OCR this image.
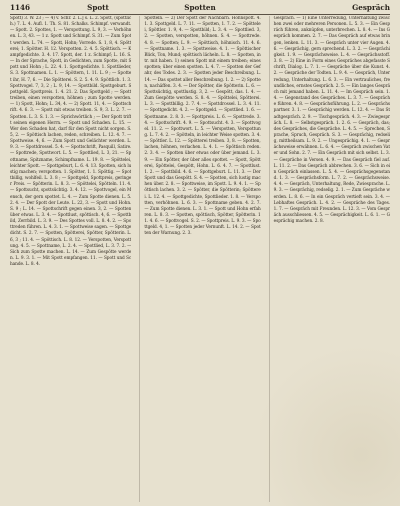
1146	Spott	Spotten	Gespräch

Spott) 3. W. 23 ; — 4) v. Schr. 2. L.] s. L. 2. Spott, (spottlich.) 7. L. 4. Aufl. 1. Th. S. 81. Schalks. Schimpf. verwandt. — Spott. 2. Spottes, 1. — Verspottung. L. 9, 3. — Verhöhnen. L. 3, 43. — 1 z. Spott und Schimpf. S. 31. — Zum Spott werden. L. 74. — Spott, Hohn; Vorrede. S. 1, 8, 4. Spötterei; 1. Spötter. H. 12. Verspotten. 2. 4. 5. Spöttisch. — Kampfgedichte. 3. 4. 17. Spott, der. 1 z. Schimpf; L. 16. S. — In der Sprache, Spott, in Gedichten, zum Spotte, mit Spott und Hohn ; L. 22. 4. 1. Spottgedichte. 1. Spottlieder, S. 3. Spottnamen. L. 1. — Spöttern, 1. 11. L. 9 ; — Spottet ihr, H. 7, 6. — Die Spötterei. S. 2. 5. 4. 9. Spöttlich. 1. 3. Spottvogel. 7, 3, 2 ; L. 9, 14. — Spottbild. Spottgeburt. Spottgeld. Spottpreis. 1. 4. 21. 2. Das Spottgeld ; — Spott treiben, einen verspotten, höhnen ; zum Spotte werden. — 1) Spott, Hohn; L. 34, 4. — 2) Spott. 11, 4. — Spottschrift. 4. 6. 3. — Spott mit etwas treiben. S. 9, 3. L. 2. 7. — Spotten. L. 3. S. 1. 3. — Sprichwörtlich ; — Der Spott trifft seinen eigenen Herrn. — Spott und Schaden. L. 15. — Wer den Schaden hat, darf für den Spott nicht sorgen. S. 5, 2. — Spöttisch lachen, reden, schreiben. L. 12. 4. 7. — Spottweise. 4, 6. — Zum Spott und Gelächter werden. L. 9. 3. — Spottdrossel. 5. 4. — Spottschrift, Pasquill, Satire. — Spottrede, Spottwort. L. 5. — Spottlied, L. 3, 21. — Spottname, Spitzname, Schimpfname. L. 19. 8. — Spöttelei, leichter Spott. — Spottgeburt, L. 6. 4. 13. Spotten, sich lustig machen; verspotten. 1. Spötter, 1. 1. Spöttig. — Spottbillig, wohlfeil. L. 3. 8 ; — Spottgeld, Spottpreis, geringer Preis. — Spötterin. L. 8. 3. — Spöttelei, Spötteln. 11. 4. — Spottsucht, spottsüchtig. 3. 4. 12. — Spottvogel, ein Mensch, der gern spottet. L. 4. — Zum Spotte dienen. L. 5. 2. 4. — Der Spott der Leute. L. 22, 3. — Spott und Hohn. S. 9 ; L. 14. — Spottschrift gegen einen. 3, 2. — Spotten über etwas. L. 3. 4. — Spottlust, spöttisch. 4, 6. — Spottbild, Zerrbild. L. 3. 9. — Des Spottes voll. L. 8. 4. 2. — Spottreden führen. L. 4. 3. 1. — Spottweise sagen. — Spottgedicht. S. 2. 7. — Spotten, Spötterei, Spötter, Spötterin. L. 6, 3 ; 11. 4. — Spöttisch. L. 8. 12. — Verspotten, Verspottung. 4. 5. — Spottname, L. 2. 4. — Spottlied, L. 3. 7. 2. — Sich zum Spotte machen. L. 14. — Zum Gespötte werden. L. 9. 3. 1. — Mit Spott empfangen. 11. — Spott und Schande. L. 8. 4.

Spötteln. — 2) Der Spott der Nachbarn. Hohnspott. 4. 1. 3. Spottgeld. L. 7. 11. — Spotten, 1. 7. 2. — Spöttelei, Spöttler. 1. 9, 4. — Spottbild; L. 3. 4. — Spottlied. 3, 2. — Spotten, verspotten, höhnen. S. 4. — Spottrede. 4. 8. — Spotten; L. 9. — Spöttisch, höhnisch. 11. 4. 6. — Spottname. 1. 3. — Spottweise. 4. 1. — Spöttischer Blick, Ton, Mund; spöttisch lächeln. L. 8. — Spotten, intr. mit haben. 1) seinen Spott mit einem treiben; eines spotten; über einen spotten. L. 4. 7. — Spotten der Gefahr, des Todes. 2. 3. — Spotten jeder Beschreibung. L. 14. — Das spottet aller Beschreibung. 1. 2. — 2) Spotten, nachäffen. 3. 4. — Der Spötter, die Spötterin. L. 6. — Spottsüchtig, spottlustig. 3, 2. — Gespött, das. 1. 4. — Zum Gespötte werden. S. 8. 4. — Spöttelei, Spötterei. L. 3. — Spottbillig. 2. 7. 4. — Spottdrossel. L. 3. 4. 11. — Spottgedicht. 4. 2. — Spottgeld. — Spottlied. 1. 6. — Spottname. 2. 8. 3. — Spottpreis. L. 6. — Spottrede. 3. 4. — Spottschrift. 4. 9. — Spottsucht. 4. 3. — Spottvogel. 11. 2. — Spottwort. L. 5. — Verspotten, Verspottung. L. 7. 4. 2. — Spötteln, in leichter Weise spotten. 3. 4. — Spöttler. L. 12. — Spötterei treiben. 3, 8. — Spotten, lachen, höhnen, verlachen. L. 4. 1. — Spöttisch reden. 2. 3. 4. — Spotten über etwas oder über jemand. L. 3. 9. — Ein Spötter, der über alles spottet. — Spott, Spötterei, Spöttelei, Gespött, Hohn. L. 6. 4. 7. — Spottlust. 1. 2. — Spottbild. 4. 6. — Spottgeburt. L. 11. 3. — Der Spott und das Gespött. S. 4. — Spotten, sich lustig machen über. 2. 8. — Spottweise, im Spott. L. 9. 4. 1. — Spöttisch lachen. 3. 2. — Spötter, die Spötterin; Spötterei. L. 12. 4. — Spottgedichte, Spottlieder. 1. 8. — Verspotten, verhöhnen. L. 6. 3. — Spottname geben. 4. 2. 7. — Zum Spotte dienen. L. 3. 1. — Spott und Hohn erfahren. L. 8. 3. — Spotten, spöttisch, Spötter, Spötterin. 11. 4. 6. — Spottvogel. S. 2. — Spottpreis. L. 9. 3. — Spottgeld. 4, 1. — Spotten jeder Vernunft. L. 14. 2. — Spotten der Warnung. 2. 3.

Gespräch. — 1) Eine Unterredung, Unterhaltung zwischen zwei oder mehreren Personen. L. 5. 3. — Ein Gespräch führen, anknüpfen, unterbrechen. L. 8. 4. — Ins Gespräch kommen. 2. 7. — Das Gespräch auf etwas bringen, lenken. L. 11. 3. — Gespräch unter vier Augen. 4. 6. — Gesprächig, gern sprechend. L. 3. 2. — Gesprächigkeit. 1. 9. — Gesprächsweise. L. 4. — Gesprächsstoff. 3. 8. — 2) Eine in Form eines Gespräches abgefasste Schrift, Dialog. L. 7. 1. — Gespräche über die Kunst. 4. 2. — Gespräche der Todten. L. 9. 4. — Gespräch, Unterredung, Unterhaltung. L. 6. 3. — Ein vertrauliches, freundliches, ernstes Gespräch. 2. 5. — Ein langes Gespräch mit jemand haben. L. 11. 4. — Im Gespräch sein. 1. 4. — Gegenstand des Gespräches. L. 3. 7. — Gespräche führen. 4. 8. — Gesprächsführung. L. 2. — Gesprächspartner. 3. 1. — Gesprächig werden. L. 12. 4. — Das Stadtgespräch. 2. 9. — Tischgespräch. 4. 3. — Zwiegespräch. L. 8. — Selbstgespräch. 1. 2. 6. — Gespräch, das; des Gespräches, die Gespräche. L. 4. 5. — Sprechen, Sprache, Spruch, Gespräch. S. 3. — Gesprächig, redselig, mittheilsam. L. 9. 2. — Ungesprächig. 4. 1. — Gesprächsweise erwähnen. L. 6. 4. — Gespräch zwischen Vater und Sohn. 2. 7. — Ein Gespräch mit sich selbst. L. 3. — Gespräche in Versen. 4. 9. — Das Gespräch fiel auf. L. 11. 2. — Das Gespräch abbrechen. 3. 6. — Sich in ein Gespräch einlassen. L. 5. 4. — Gesprächsgegenstand. 1. 3. — Gesprächsform. L. 7. 2. — Gesprächsweise. 4. 4. — Gespräch, Unterhaltung, Rede, Zwiesprache. L. 9. 3. — Gesprächig, redselig. 2. 1. — Zum Gespräche werden. L. 8. 6. — In ein Gespräch vertieft sein. 3. 4. — Lebhaftes Gespräch. L. 4. 2. — Gespräche des Tages. 1. 7. — Gespräch mit Freunden. L. 12. 3. — Vom Gespräch ausschliessen. 4. 5. — Gesprächigkeit. L. 6. 1. — Gesprächig machen. 2. 8.
